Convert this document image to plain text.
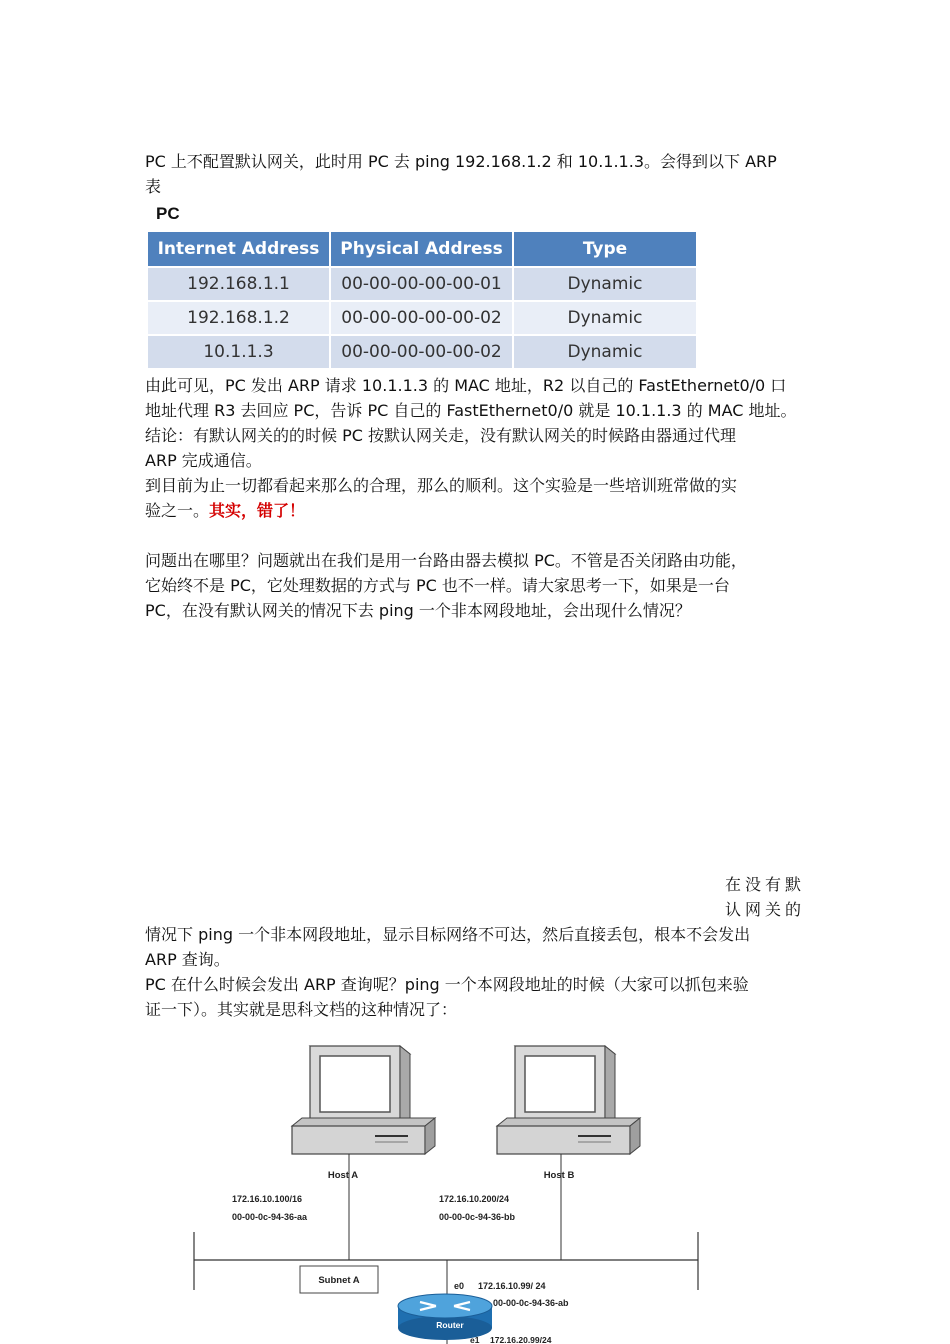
PC 上不配置默认网关，此时用 PC 去 ping 192.168.1.2 和 10.1.1.3。会得到以下 ARP
表
PC
Internet Address	Physical Address	Type
192.168.1.1	00-00-00-00-00-01	Dynamic
192.168.1.2	00-00-00-00-00-02	Dynamic
10.1.1.3	00-00-00-00-00-02	Dynamic
由此可见，PC 发出 ARP 请求 10.1.1.3 的 MAC 地址，R2 以自己的 FastEthernet0/0 口
地址代理 R3 去回应 PC，告诉 PC 自己的 FastEthernet0/0 就是 10.1.1.3 的 MAC 地址。
结论：有默认网关的的时候 PC 按默认网关走，没有默认网关的时候路由器通过代理
ARP 完成通信。
到目前为止一切都看起来那么的合理，那么的顺利。这个实验是一些培训班常做的实
验之一。其实，错了！
问题出在哪里？问题就出在我们是用一台路由器去模拟 PC。不管是否关闭路由功能，
它始终不是 PC，它处理数据的方式与 PC 也不一样。请大家思考一下，如果是一台
PC，在没有默认网关的情况下去 ping 一个非本网段地址，会出现什么情况？
在没有默
认网关的
情况下 ping 一个非本网段地址，显示目标网络不可达，然后直接丢包，根本不会发出
ARP 查询。
PC 在什么时候会发出 ARP 查询呢？ping 一个本网段地址的时候（大家可以抓包来验
证一下）。其实就是思科文档的这种情况了：
Host A	Host B
172.16.10.100/16
00-00-0c-94-36-aa
172.16.10.200/24
00-00-0c-94-36-bb
Subnet A	e0 172.16.10.99/ 24
00-00-0c-94-36-ab
Router
e1 172.16.20.99/24
